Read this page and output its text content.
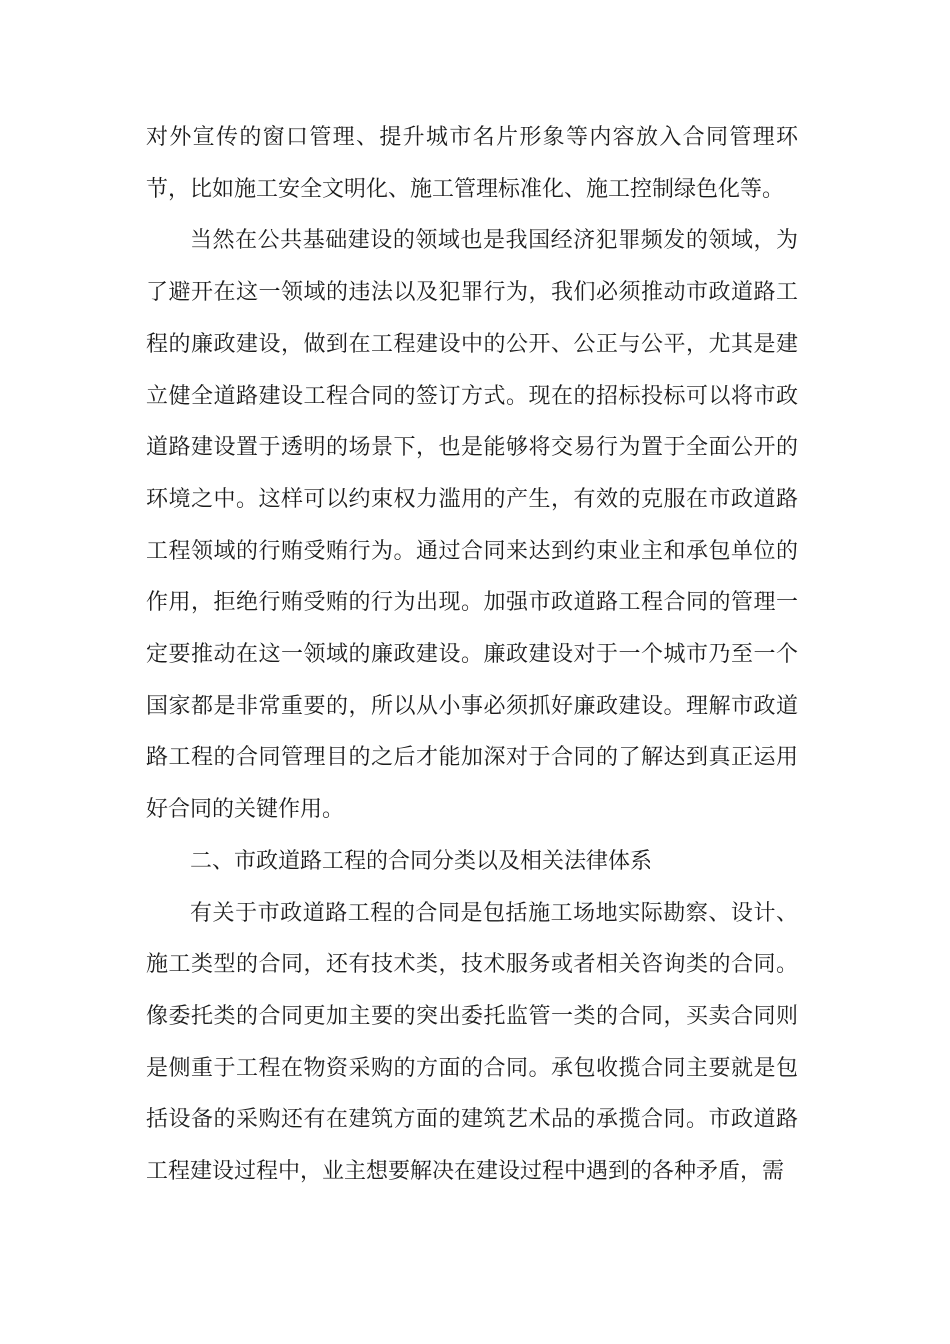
对外宣传的窗口管理、提升城市名片形象等内容放入合同管理环节，比如施工安全文明化、施工管理标准化、施工控制绿色化等。

当然在公共基础建设的领域也是我国经济犯罪频发的领域，为了避开在这一领域的违法以及犯罪行为，我们必须推动市政道路工程的廉政建设，做到在工程建设中的公开、公正与公平，尤其是建立健全道路建设工程合同的签订方式。现在的招标投标可以将市政道路建设置于透明的场景下，也是能够将交易行为置于全面公开的环境之中。这样可以约束权力滥用的产生，有效的克服在市政道路工程领域的行贿受贿行为。通过合同来达到约束业主和承包单位的作用，拒绝行贿受贿的行为出现。加强市政道路工程合同的管理一定要推动在这一领域的廉政建设。廉政建设对于一个城市乃至一个国家都是非常重要的，所以从小事必须抓好廉政建设。理解市政道路工程的合同管理目的之后才能加深对于合同的了解达到真正运用好合同的关键作用。

二、市政道路工程的合同分类以及相关法律体系

有关于市政道路工程的合同是包括施工场地实际勘察、设计、施工类型的合同，还有技术类，技术服务或者相关咨询类的合同。像委托类的合同更加主要的突出委托监管一类的合同，买卖合同则是侧重于工程在物资采购的方面的合同。承包收揽合同主要就是包括设备的采购还有在建筑方面的建筑艺术品的承揽合同。市政道路工程建设过程中，业主想要解决在建设过程中遇到的各种矛盾，需
